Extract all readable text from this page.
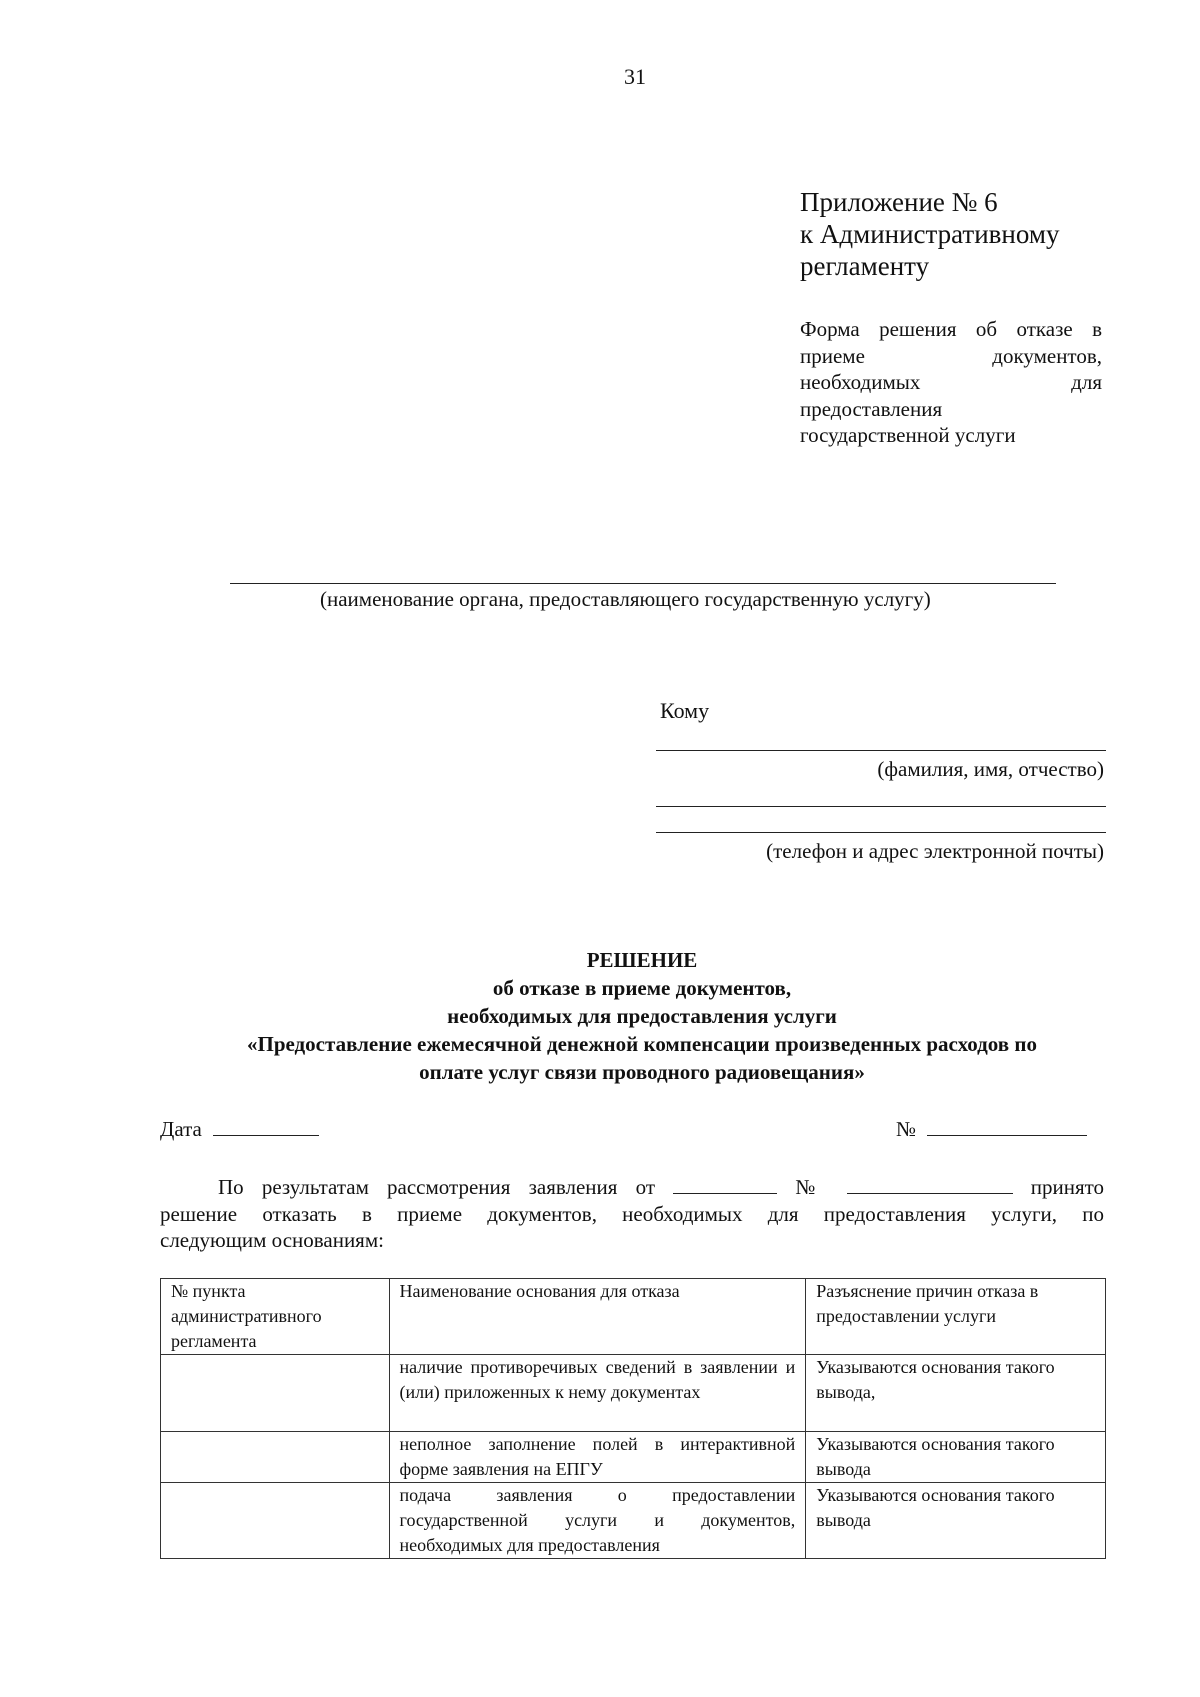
31
Приложение № 6
к Административному
регламенту
Форма решения об отказе в
приеме документов,
необходимых для
предоставления
государственной услуги
(наименование органа, предоставляющего государственную услугу)
Кому
(фамилия, имя, отчество)
(телефон и адрес электронной почты)
РЕШЕНИЕ
об отказе в приеме документов,
необходимых для предоставления услуги
«Предоставление ежемесячной денежной компенсации произведенных расходов по
оплате услуг связи проводного радиовещания»
Дата	№
По результатам рассмотрения заявления от	№	принято
решение отказать в приеме документов, необходимых для предоставления услуги, по
следующим основаниям:
№ пункта административного регламента	Наименование основания для отказа	Разъяснение причин отказа в предоставлении услуги
	наличие противоречивых сведений в заявлении и (или) приложенных к нему документах	Указываются основания такого вывода,
	неполное заполнение полей в интерактивной форме заявления на ЕПГУ	Указываются основания такого вывода
	подача заявления о предоставлении государственной услуги и документов, необходимых для предоставления	Указываются основания такого вывода
